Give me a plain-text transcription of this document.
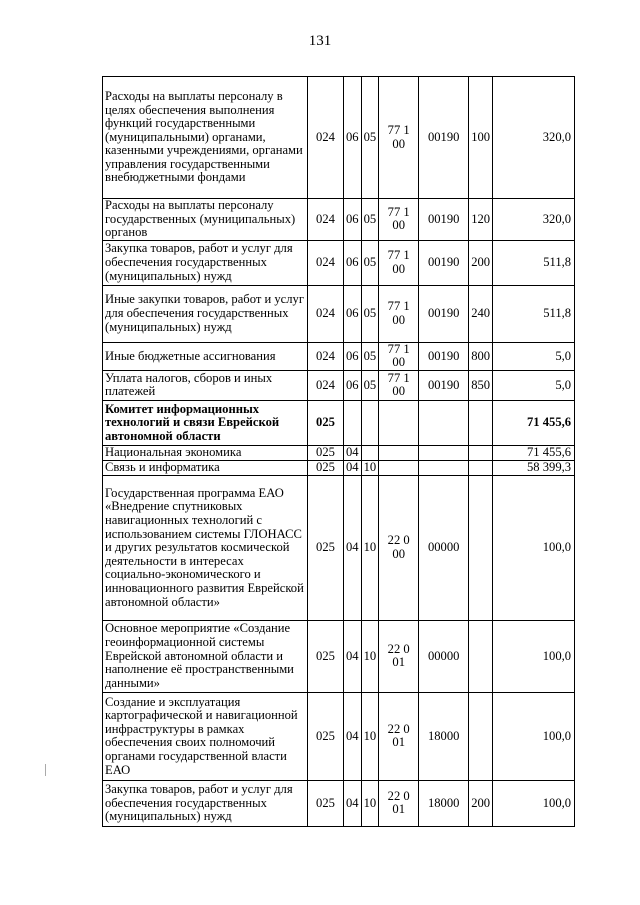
131
Расходы на выплаты персоналу в целях обеспечения выполнения функций государственными (муниципальными) органами, казенными учреждениями, органами управления государственными внебюджетными фондами	024	06	05	77 1 00	00190	100	320,0
Расходы на выплаты персоналу государственных (муниципальных) органов	024	06	05	77 1 00	00190	120	320,0
Закупка товаров, работ и услуг для обеспечения государственных (муниципальных) нужд	024	06	05	77 1 00	00190	200	511,8
Иные закупки товаров, работ и услуг для обеспечения государственных (муниципальных) нужд	024	06	05	77 1 00	00190	240	511,8
Иные бюджетные ассигнования	024	06	05	77 1 00	00190	800	5,0
Уплата налогов, сборов и иных платежей	024	06	05	77 1 00	00190	850	5,0
Комитет информационных технологий и связи Еврейской автономной области	025						71 455,6
Национальная экономика	025	04					71 455,6
Связь и информатика	025	04	10				58 399,3
Государственная программа ЕАО «Внедрение спутниковых навигационных технологий с использованием системы ГЛОНАСС и других результатов космической деятельности в интересах социально-экономического и инновационного развития Еврейской автономной области»	025	04	10	22 0 00	00000		100,0
Основное мероприятие «Создание геоинформационной системы Еврейской автономной области и наполнение её пространственными данными»	025	04	10	22 0 01	00000		100,0
Создание и эксплуатация картографической и навигационной инфраструктуры в рамках обеспечения своих полномочий органами государственной власти ЕАО	025	04	10	22 0 01	18000		100,0
Закупка товаров, работ и услуг для обеспечения государственных (муниципальных) нужд	025	04	10	22 0 01	18000	200	100,0
